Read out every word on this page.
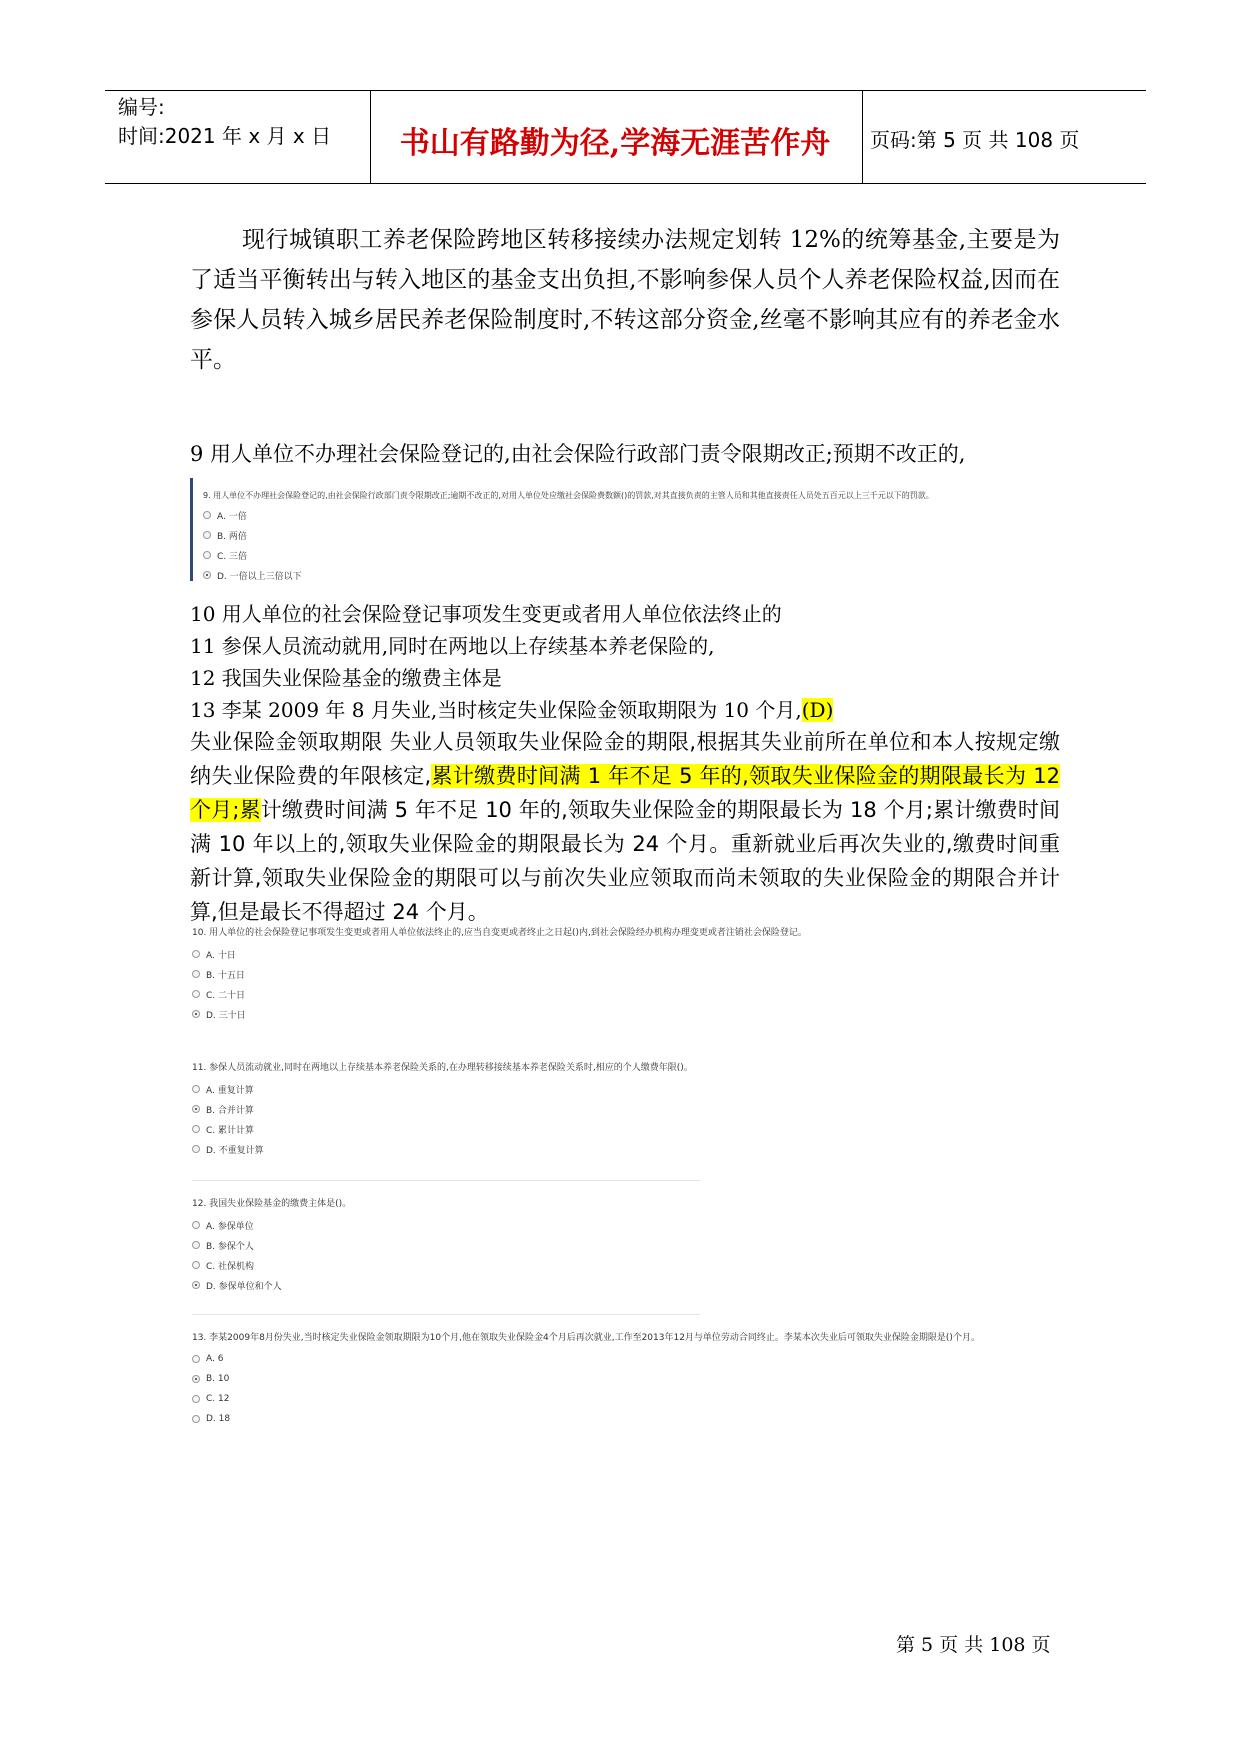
编号:
时间:2021 年 x 月 x 日	书山有路勤为径,学海无涯苦作舟	页码:第 5 页 共 108 页
现行城镇职工养老保险跨地区转移接续办法规定划转 12%的统筹基金,主要是为了适当平衡转出与转入地区的基金支出负担,不影响参保人员个人养老保险权益,因而在参保人员转入城乡居民养老保险制度时,不转这部分资金,丝毫不影响其应有的养老金水平。
9 用人单位不办理社会保险登记的,由社会保险行政部门责令限期改正;预期不改正的,
9. 用人单位不办理社会保险登记的,由社会保险行政部门责令限期改正;逾期不改正的,对用人单位处应缴社会保险费数额()的罚款,对其直接负责的主管人员和其他直接责任人员处五百元以上三千元以下的罚款。
A. 一倍
B. 两倍
C. 三倍
D. 一倍以上三倍以下
10 用人单位的社会保险登记事项发生变更或者用人单位依法终止的
11 参保人员流动就用,同时在两地以上存续基本养老保险的,
12 我国失业保险基金的缴费主体是
13 李某 2009 年 8 月失业,当时核定失业保险金领取期限为 10 个月,(D)
失业保险金领取期限 失业人员领取失业保险金的期限,根据其失业前所在单位和本人按规定缴纳失业保险费的年限核定,累计缴费时间满 1 年不足 5 年的,领取失业保险金的期限最长为 12 个月;累计缴费时间满 5 年不足 10 年的,领取失业保险金的期限最长为 18 个月;累计缴费时间满 10 年以上的,领取失业保险金的期限最长为 24 个月。重新就业后再次失业的,缴费时间重新计算,领取失业保险金的期限可以与前次失业应领取而尚未领取的失业保险金的期限合并计算,但是最长不得超过 24 个月。
10. 用人单位的社会保险登记事项发生变更或者用人单位依法终止的,应当自变更或者终止之日起()内,到社会保险经办机构办理变更或者注销社会保险登记。
A. 十日
B. 十五日
C. 二十日
D. 三十日
11. 参保人员流动就业,同时在两地以上存续基本养老保险关系的,在办理转移接续基本养老保险关系时,相应的个人缴费年限()。
A. 重复计算
B. 合并计算
C. 累计计算
D. 不重复计算
12. 我国失业保险基金的缴费主体是()。
A. 参保单位
B. 参保个人
C. 社保机构
D. 参保单位和个人
13. 李某2009年8月份失业,当时核定失业保险金领取期限为10个月,他在领取失业保险金4个月后再次就业,工作至2013年12月与单位劳动合同终止。李某本次失业后可领取失业保险金期限是()个月。
A. 6
B. 10
C. 12
D. 18
第 5 页 共 108 页
